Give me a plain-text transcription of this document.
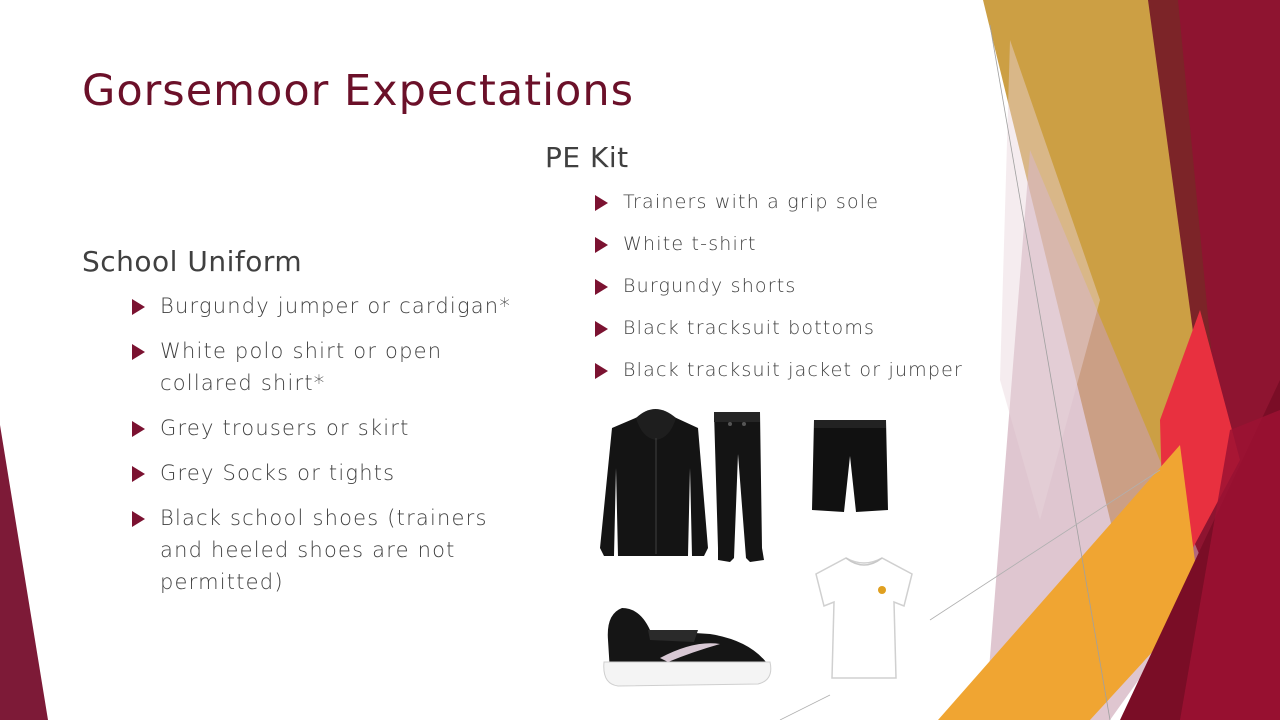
Gorsemoor Expectations
School Uniform
Burgundy jumper or cardigan*
White polo shirt or open collared shirt*
Grey trousers or skirt
Grey Socks or tights
Black school shoes (trainers and heeled shoes are not permitted)
PE Kit
Trainers with a grip sole
White t-shirt
Burgundy shorts
Black tracksuit bottoms
Black tracksuit jacket or jumper
